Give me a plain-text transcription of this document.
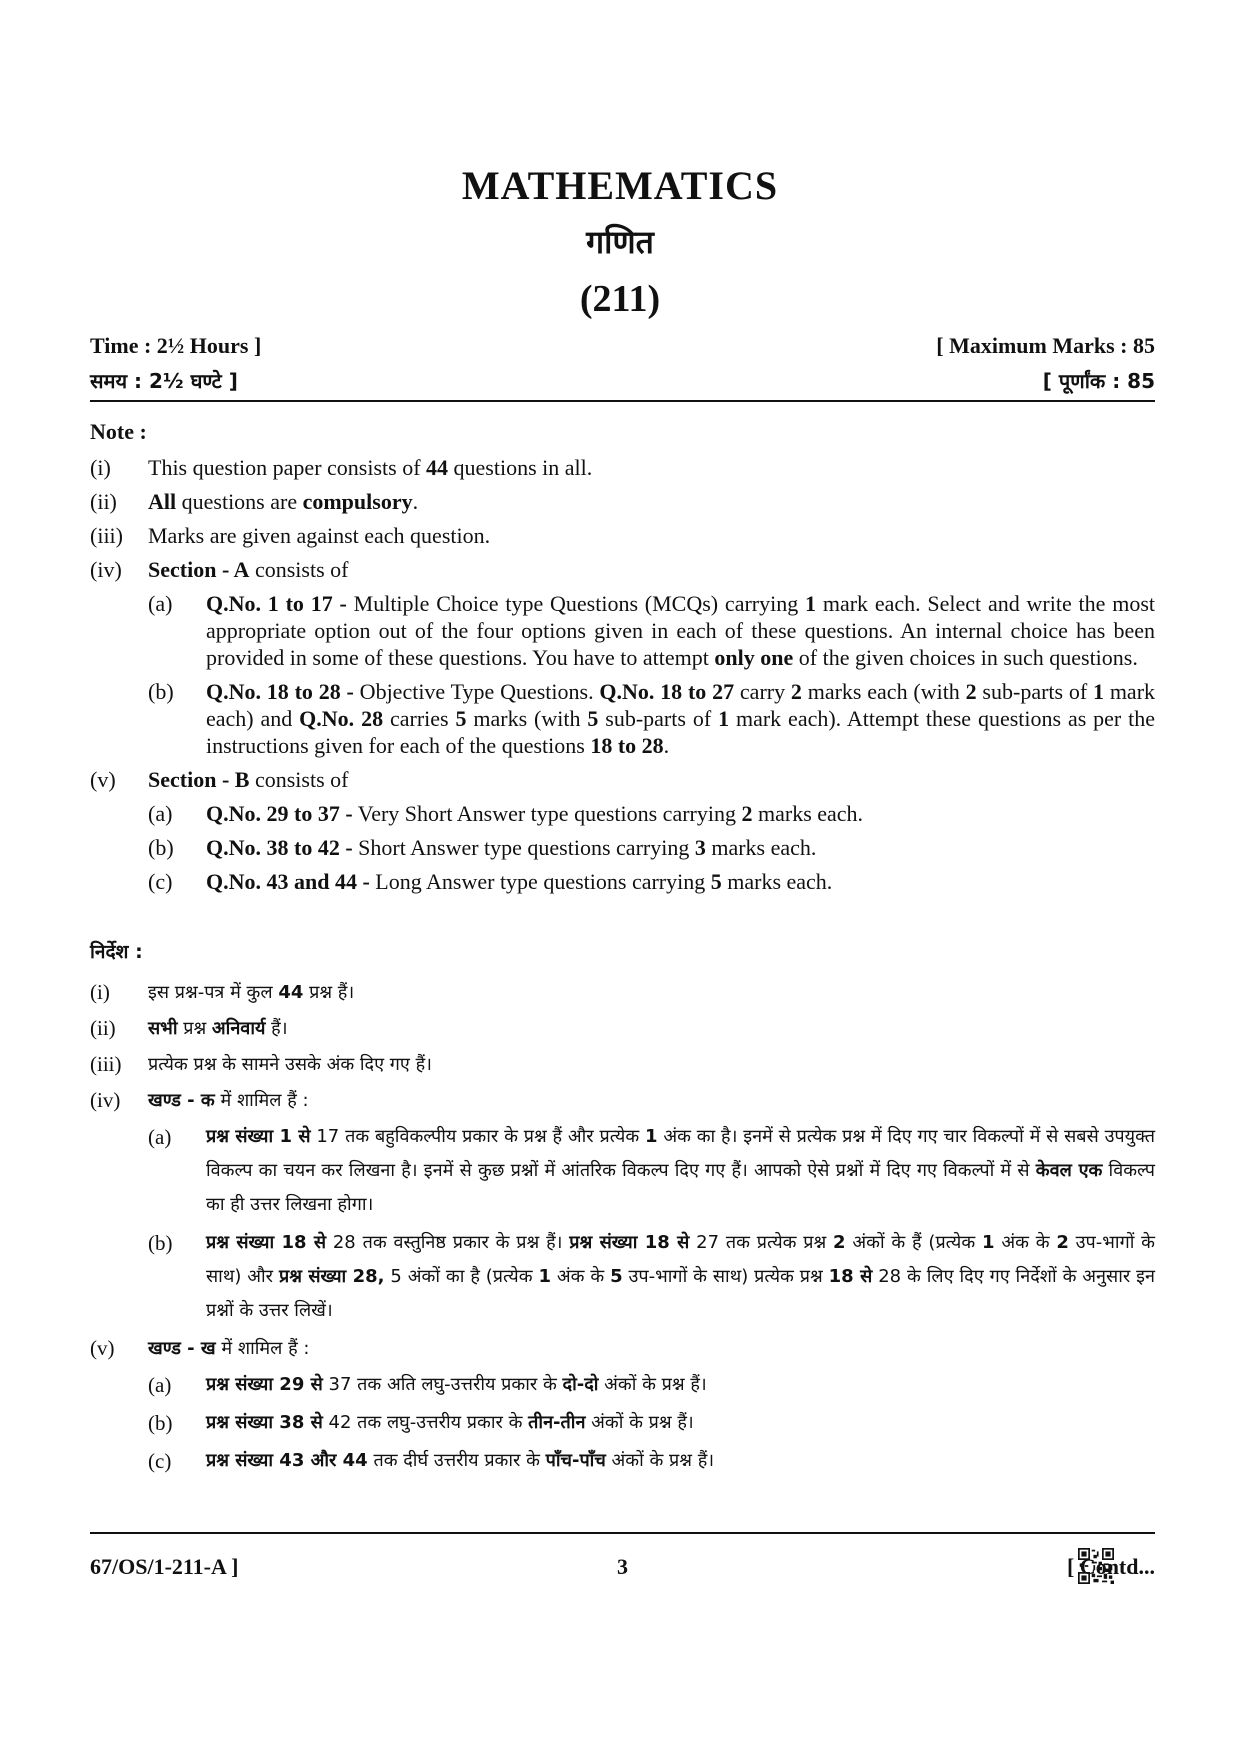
MATHEMATICS
गणित
(211)
Time : 2½ Hours ]	[ Maximum Marks : 85
समय : 2½ घण्टे ]	[ पूर्णांक : 85
Note :
(i)	This question paper consists of 44 questions in all.
(ii)	All questions are compulsory.
(iii)	Marks are given against each question.
(iv)	Section - A consists of
(a)	Q.No. 1 to 17 - Multiple Choice type Questions (MCQs) carrying 1 mark each. Select and write the most appropriate option out of the four options given in each of these questions. An internal choice has been provided in some of these questions. You have to attempt only one of the given choices in such questions.
(b)	Q.No. 18 to 28 - Objective Type Questions. Q.No. 18 to 27 carry 2 marks each (with 2 sub-parts of 1 mark each) and Q.No. 28 carries 5 marks (with 5 sub-parts of 1 mark each). Attempt these questions as per the instructions given for each of the questions 18 to 28.
(v)	Section - B consists of
(a)	Q.No. 29 to 37 - Very Short Answer type questions carrying 2 marks each.
(b)	Q.No. 38 to 42 - Short Answer type questions carrying 3 marks each.
(c)	Q.No. 43 and 44 - Long Answer type questions carrying 5 marks each.
निर्देश :
(i)	इस प्रश्न-पत्र में कुल 44 प्रश्न हैं।
(ii)	सभी प्रश्न अनिवार्य हैं।
(iii)	प्रत्येक प्रश्न के सामने उसके अंक दिए गए हैं।
(iv)	खण्ड - क में शामिल हैं :
(a)	प्रश्न संख्या 1 से 17 तक बहुविकल्पीय प्रकार के प्रश्न हैं और प्रत्येक 1 अंक का है। इनमें से प्रत्येक प्रश्न में दिए गए चार विकल्पों में से सबसे उपयुक्त विकल्प का चयन कर लिखना है। इनमें से कुछ प्रश्नों में आंतरिक विकल्प दिए गए हैं। आपको ऐसे प्रश्नों में दिए गए विकल्पों में से केवल एक विकल्प का ही उत्तर लिखना होगा।
(b)	प्रश्न संख्या 18 से 28 तक वस्तुनिष्ठ प्रकार के प्रश्न हैं। प्रश्न संख्या 18 से 27 तक प्रत्येक प्रश्न 2 अंकों के हैं (प्रत्येक 1 अंक के 2 उप-भागों के साथ) और प्रश्न संख्या 28, 5 अंकों का है (प्रत्येक 1 अंक के 5 उप-भागों के साथ) प्रत्येक प्रश्न 18 से 28 के लिए दिए गए निर्देशों के अनुसार इन प्रश्नों के उत्तर लिखें।
(v)	खण्ड - ख में शामिल हैं :
(a)	प्रश्न संख्या 29 से 37 तक अति लघु-उत्तरीय प्रकार के दो-दो अंकों के प्रश्न हैं।
(b)	प्रश्न संख्या 38 से 42 तक लघु-उत्तरीय प्रकार के तीन-तीन अंकों के प्रश्न हैं।
(c)	प्रश्न संख्या 43 और 44 तक दीर्घ उत्तरीय प्रकार के पाँच-पाँच अंकों के प्रश्न हैं।
67/OS/1-211-A ]	3	[ Contd...
